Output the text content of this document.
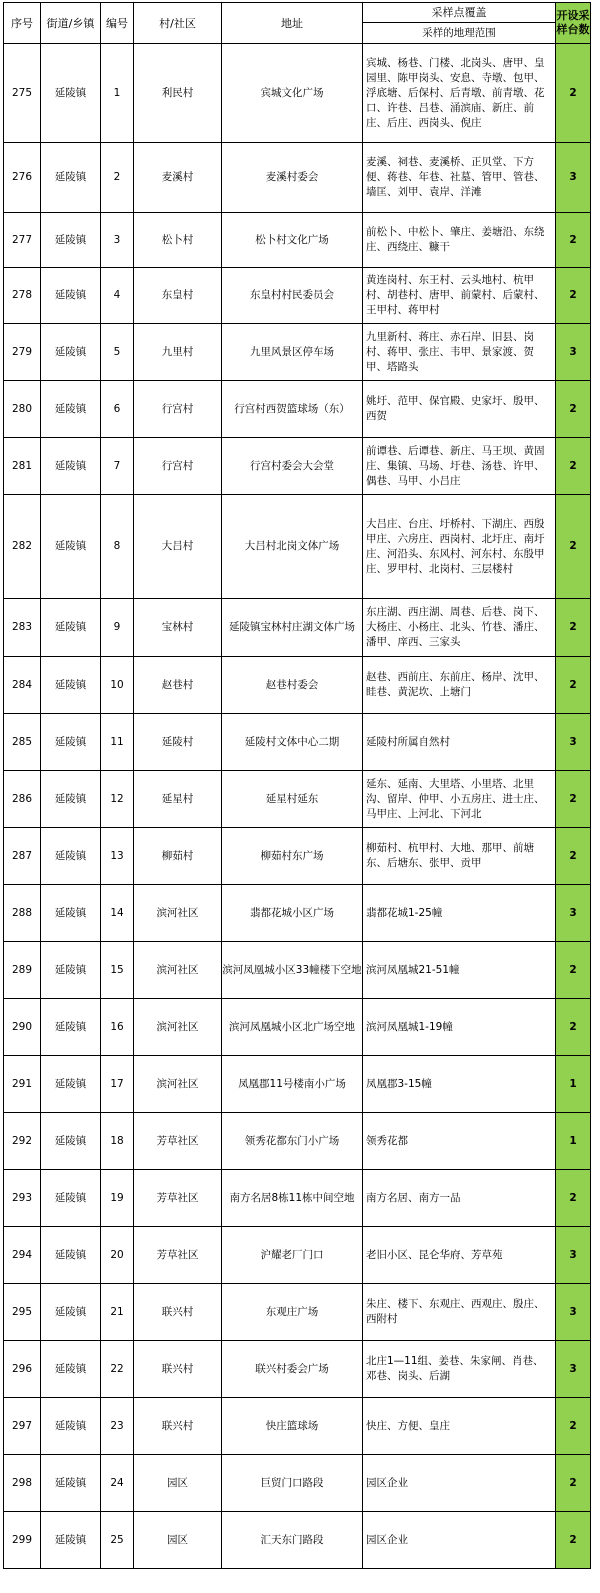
序号	街道/乡镇	编号	村/社区	地址	采样点覆盖	开设采样台数
					采样的地理范围	
275	延陵镇	1	利民村	宾城文化广场	宾城、杨巷、门楼、北岗头、唐甲、皇园里、陈甲岗头、安息、寺墩、包甲、浮底塘、后保村、后青墩、前青墩、花口、许巷、吕巷、涌滨庙、新庄、前庄、后庄、西岗头、倪庄	2
276	延陵镇	2	麦溪村	麦溪村委会	麦溪、祠巷、麦溪桥、正贝堂、下方便、蒋巷、年巷、社墓、管甲、管巷、墙匡、刘甲、袁岸、洋滩	3
277	延陵镇	3	松卜村	松卜村文化广场	前松卜、中松卜、肇庄、姜塘沿、东绕庄、西绕庄、糠干	2
278	延陵镇	4	东皇村	东皇村村民委员会	黄连岗村、东王村、云头地村、杭甲村、胡巷村、唐甲、前蒙村、后蒙村、王甲村、蒋甲村	2
279	延陵镇	5	九里村	九里风景区停车场	九里新村、蒋庄、赤石岸、旧县、岗村、蒋甲、张庄、韦甲、景家渡、贺甲、塔路头	3
280	延陵镇	6	行宫村	行宫村西贺篮球场（东）	姚圩、范甲、保官殿、史家圩、殷甲、西贺	2
281	延陵镇	7	行宫村	行宫村委会大会堂	前谭巷、后谭巷、新庄、马王坝、黄固庄、集镇、马场、圩巷、汤巷、许甲、偶巷、马甲、小吕庄	2
282	延陵镇	8	大吕村	大吕村北岗文体广场	大吕庄、台庄、圩桥村、下湖庄、西殷甲庄、六房庄、西岗村、北圩庄、南圩庄、河沿头、东风村、河东村、东殷甲庄、罗甲村、北岗村、三层楼村	2
283	延陵镇	9	宝林村	延陵镇宝林村庄湖文体广场	东庄湖、西庄湖、周巷、后巷、岗下、大杨庄、小杨庄、北头、竹巷、潘庄、潘甲、庠西、三家头	2
284	延陵镇	10	赵巷村	赵巷村委会	赵巷、西前庄、东前庄、杨岸、沈甲、眭巷、黄泥坎、上塘门	2
285	延陵镇	11	延陵村	延陵村文体中心二期	延陵村所属自然村	3
286	延陵镇	12	延星村	延星村延东	延东、延南、大里塔、小里塔、北里沟、留岸、仲甲、小五房庄、进士庄、马甲庄、上河北、下河北	2
287	延陵镇	13	柳茹村	柳茹村东广场	柳茹村、杭甲村、大地、那甲、前塘东、后塘东、张甲、贡甲	2
288	延陵镇	14	滨河社区	翡都花城小区广场	翡都花城1-25幢	3
289	延陵镇	15	滨河社区	滨河凤凰城小区33幢楼下空地	滨河凤凰城21-51幢	2
290	延陵镇	16	滨河社区	滨河凤凰城小区北广场空地	滨河凤凰城1-19幢	2
291	延陵镇	17	滨河社区	凤凰郡11号楼南小广场	凤凰郡3-15幢	1
292	延陵镇	18	芳草社区	领秀花都东门小广场	领秀花都	1
293	延陵镇	19	芳草社区	南方名居8栋11栋中间空地	南方名居、南方一品	2
294	延陵镇	20	芳草社区	沪耀老厂门口	老旧小区、昆仑华府、芳草苑	3
295	延陵镇	21	联兴村	东观庄广场	朱庄、楼下、东观庄、西观庄、殷庄、西附村	3
296	延陵镇	22	联兴村	联兴村委会广场	北庄1—11组、姜巷、朱家闸、肖巷、邓巷、岗头、后湖	3
297	延陵镇	23	联兴村	快庄篮球场	快庄、方便、皇庄	2
298	延陵镇	24	园区	巨贸门口路段	园区企业	2
299	延陵镇	25	园区	汇天东门路段	园区企业	2
